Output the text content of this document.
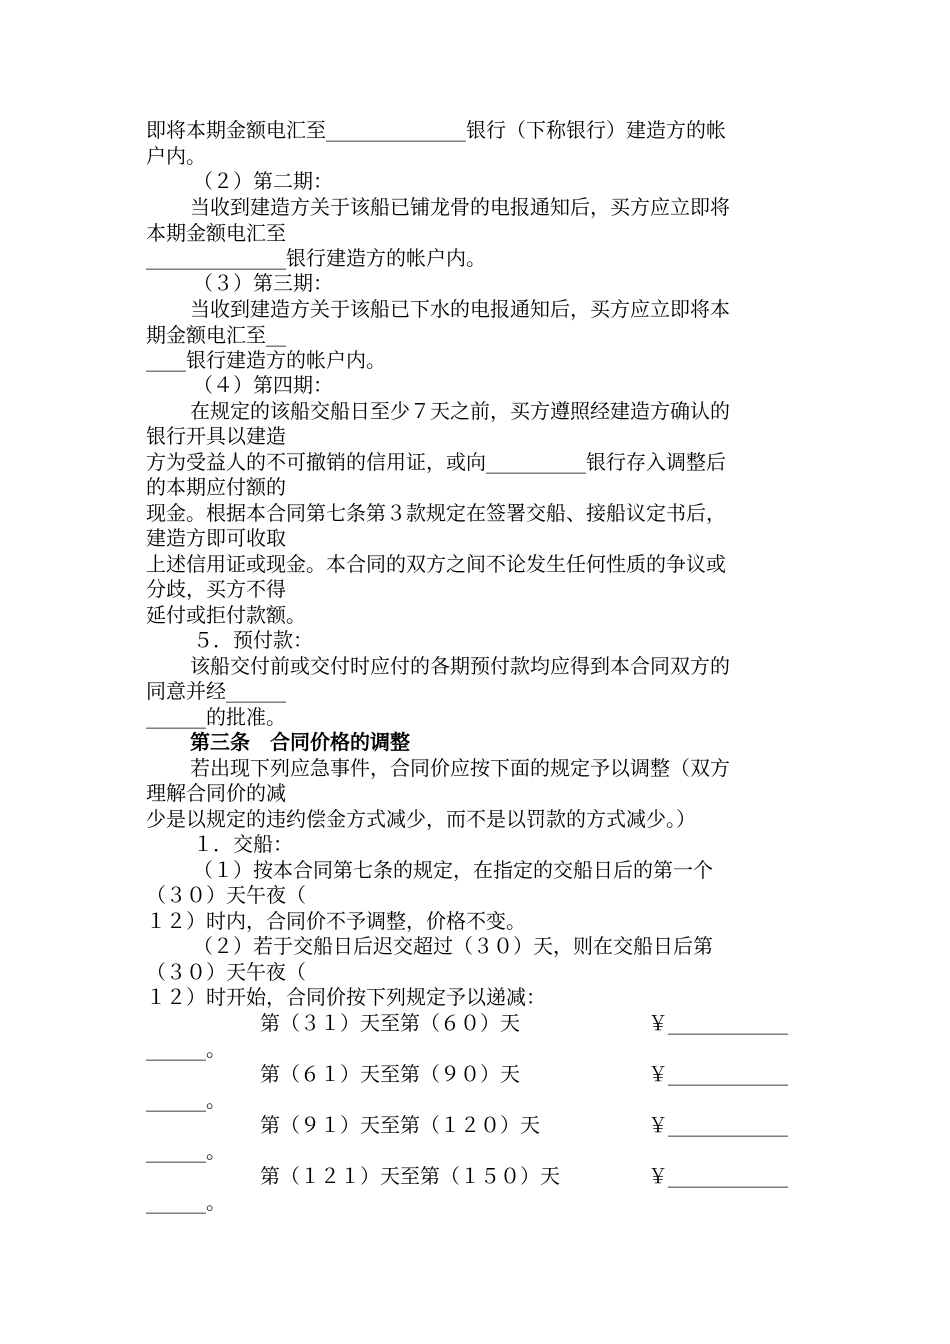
即将本期金额电汇至______________银行（下称银行）建造方的帐
户内。
（２）第二期：
当收到建造方关于该船已铺龙骨的电报通知后，买方应立即将
本期金额电汇至
______________银行建造方的帐户内。
（３）第三期：
当收到建造方关于该船已下水的电报通知后，买方应立即将本
期金额电汇至__
____银行建造方的帐户内。
（４）第四期：
在规定的该船交船日至少７天之前，买方遵照经建造方确认的
银行开具以建造
方为受益人的不可撤销的信用证，或向__________银行存入调整后
的本期应付额的
现金。根据本合同第七条第３款规定在签署交船、接船议定书后，
建造方即可收取
上述信用证或现金。本合同的双方之间不论发生任何性质的争议或
分歧，买方不得
延付或拒付款额。
５．预付款：
该船交付前或交付时应付的各期预付款均应得到本合同双方的
同意并经______
______的批准。
第三条　合同价格的调整
若出现下列应急事件，合同价应按下面的规定予以调整（双方
理解合同价的减
少是以规定的违约偿金方式减少，而不是以罚款的方式减少。）
１．交船：
（１）按本合同第七条的规定，在指定的交船日后的第一个
（３０）天午夜（
１２）时内，合同价不予调整，价格不变。
（２）若于交船日后迟交超过（３０）天，则在交船日后第
（３０）天午夜（
１２）时开始，合同价按下列规定予以递减：
第（３１）天至第（６０）天	￥____________
______。
第（６１）天至第（９０）天	￥____________
______。
第（９１）天至第（１２０）天	￥____________
______。
第（１２１）天至第（１５０）天	￥____________
______。
